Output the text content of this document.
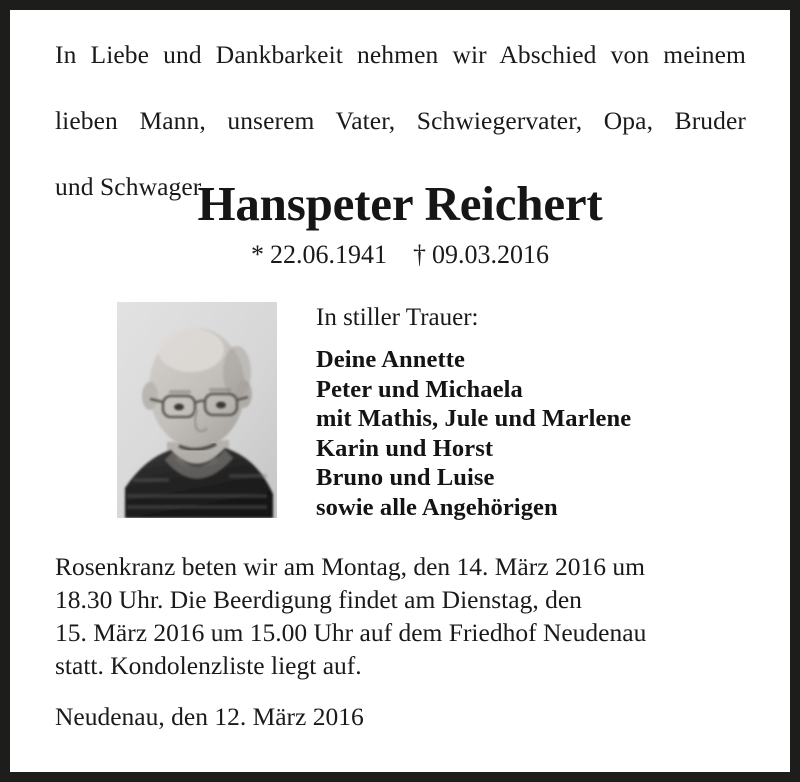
In Liebe und Dankbarkeit nehmen wir Abschied von meinem
lieben Mann, unserem Vater, Schwiegervater, Opa, Bruder
und Schwager
Hanspeter Reichert
* 22.06.1941 † 09.03.2016
In stiller Trauer:
Deine Annette
Peter und Michaela
mit Mathis, Jule und Marlene
Karin und Horst
Bruno und Luise
sowie alle Angehörigen
Rosenkranz beten wir am Montag, den 14. März 2016 um
18.30 Uhr. Die Beerdigung findet am Dienstag, den
15. März 2016 um 15.00 Uhr auf dem Friedhof Neudenau
statt. Kondolenzliste liegt auf.
Neudenau, den 12. März 2016
